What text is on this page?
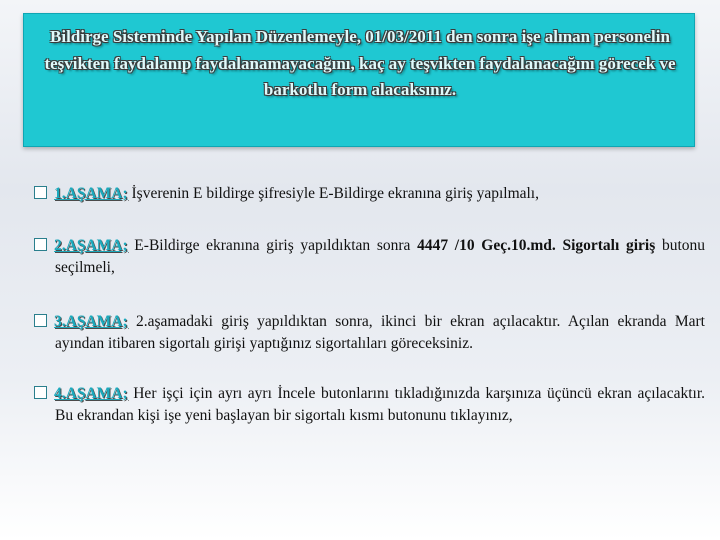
Bildirge Sisteminde Yapılan Düzenlemeyle, 01/03/2011 den sonra işe alınan personelin teşvikten faydalanıp faydalanamayacağını, kaç ay teşvikten faydalanacağını görecek ve barkotlu form alacaksınız.

1.AŞAMA; İşverenin E bildirge şifresiyle E-Bildirge ekranına giriş yapılmalı,

2.AŞAMA; E-Bildirge ekranına giriş yapıldıktan sonra 4447 /10 Geç.10.md. Sigortalı giriş butonu seçilmeli,

3.AŞAMA; 2.aşamadaki giriş yapıldıktan sonra, ikinci bir ekran açılacaktır. Açılan ekranda Mart ayından itibaren sigortalı girişi yaptığınız sigortalıları göreceksiniz.

4.AŞAMA; Her işçi için ayrı ayrı İncele butonlarını tıkladığınızda karşınıza üçüncü ekran açılacaktır. Bu ekrandan kişi işe yeni başlayan bir sigortalı kısmı butonunu tıklayınız,
